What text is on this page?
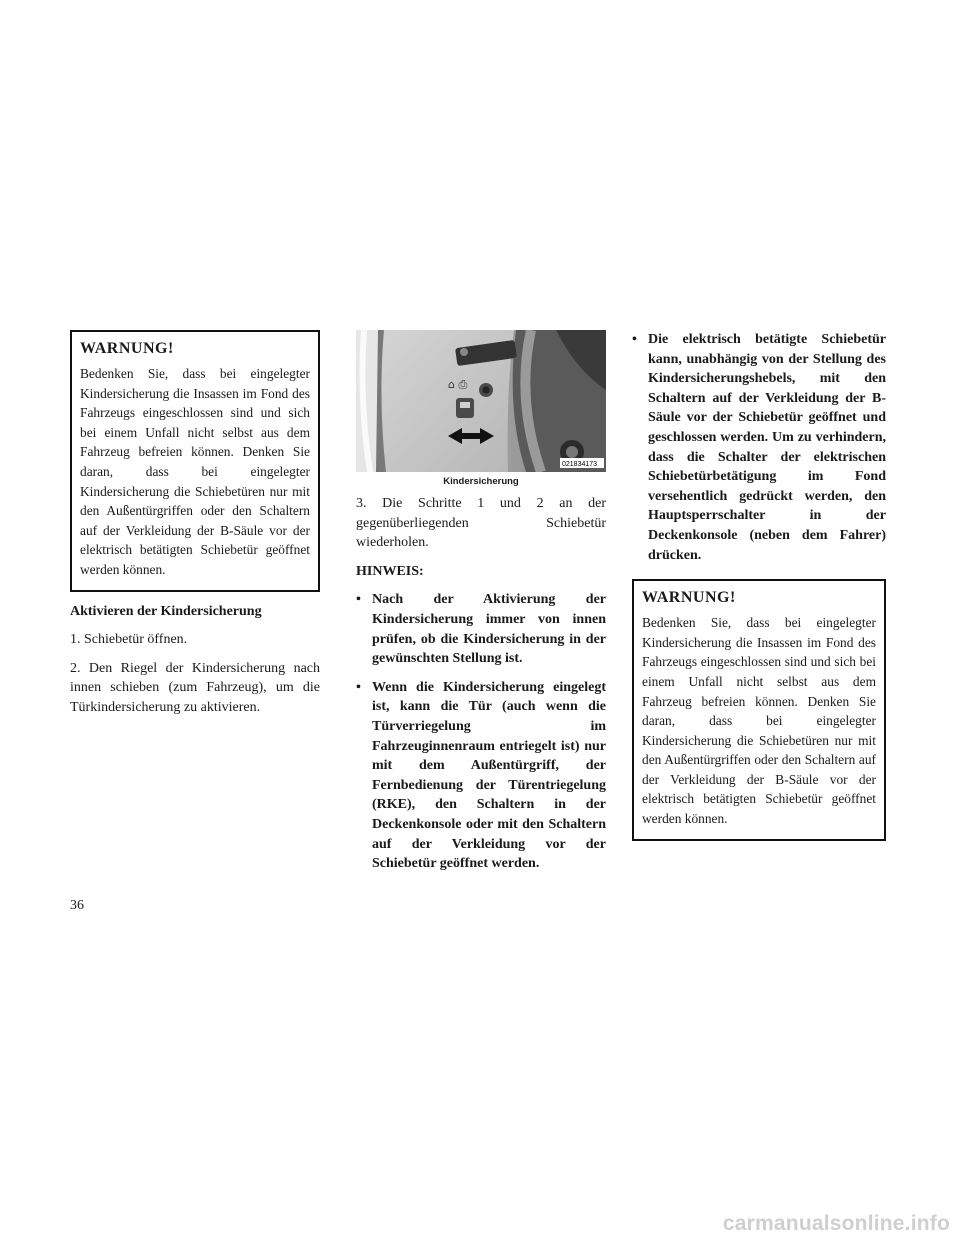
WARNUNG!

Bedenken Sie, dass bei eingelegter Kindersicherung die Insassen im Fond des Fahrzeugs eingeschlossen sind und sich bei einem Unfall nicht selbst aus dem Fahrzeug befreien können. Denken Sie daran, dass bei eingelegter Kindersicherung die Schiebetüren nur mit den Außentürgriffen oder den Schaltern auf der Verkleidung der B-Säule vor der elektrisch betätigten Schiebetür geöffnet werden können.

Aktivieren der Kindersicherung

1. Schiebetür öffnen.

2. Den Riegel der Kindersicherung nach innen schieben (zum Fahrzeug), um die Türkindersicherung zu aktivieren.

⌂ ⎙
021834173
Kindersicherung

3. Die Schritte 1 und 2 an der gegenüberliegenden Schiebetür wiederholen.

HINWEIS:

• Nach der Aktivierung der Kindersicherung immer von innen prüfen, ob die Kindersicherung in der gewünschten Stellung ist.
• Wenn die Kindersicherung eingelegt ist, kann die Tür (auch wenn die Türverriegelung im Fahrzeuginnenraum entriegelt ist) nur mit dem Außentürgriff, der Fernbedienung der Türentriegelung (RKE), den Schaltern in der Deckenkonsole oder mit den Schaltern auf der Verkleidung vor der Schiebetür geöffnet werden.
• Die elektrisch betätigte Schiebetür kann, unabhängig von der Stellung des Kindersicherungshebels, mit den Schaltern auf der Verkleidung der B-Säule vor der Schiebetür geöffnet und geschlossen werden. Um zu verhindern, dass die Schalter der elektrischen Schiebetürbetätigung im Fond versehentlich gedrückt werden, den Hauptsperrschalter in der Deckenkonsole (neben dem Fahrer) drücken.
WARNUNG!

Bedenken Sie, dass bei eingelegter Kindersicherung die Insassen im Fond des Fahrzeugs eingeschlossen sind und sich bei einem Unfall nicht selbst aus dem Fahrzeug befreien können. Denken Sie daran, dass bei eingelegter Kindersicherung die Schiebetüren nur mit den Außentürgriffen oder den Schaltern auf der Verkleidung der B-Säule vor der elektrisch betätigten Schiebetür geöffnet werden können.

36
carmanualsonline.info
